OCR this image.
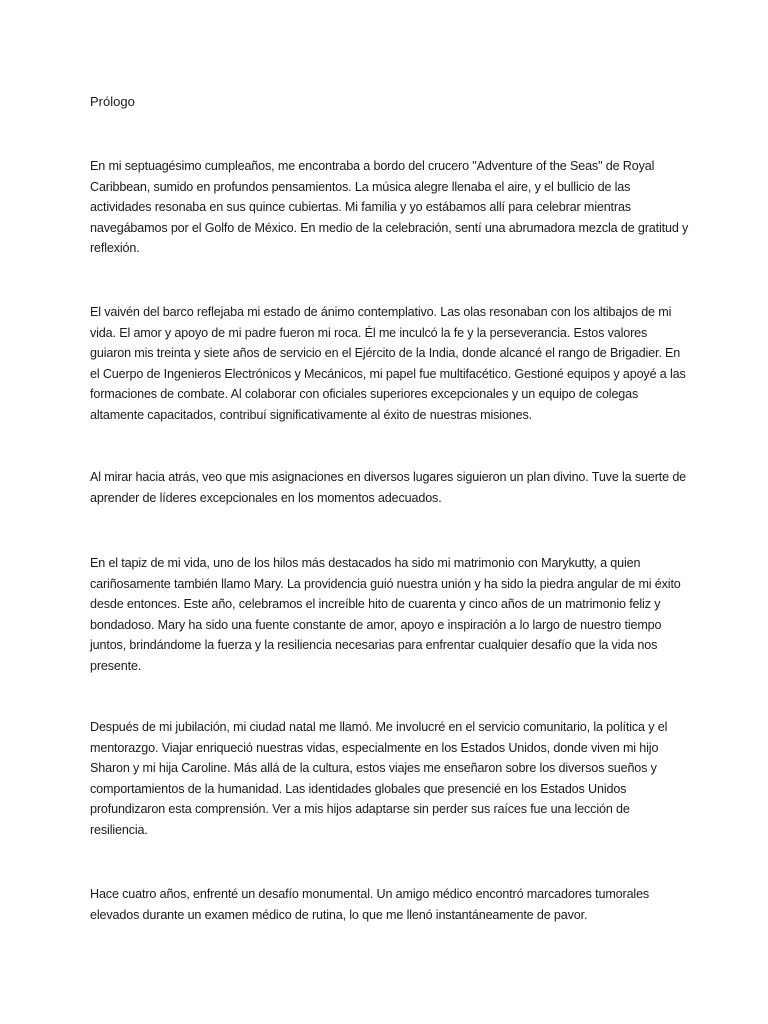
Prólogo

En mi septuagésimo cumpleaños, me encontraba a bordo del crucero "Adventure of the Seas" de Royal Caribbean, sumido en profundos pensamientos. La música alegre llenaba el aire, y el bullicio de las actividades resonaba en sus quince cubiertas. Mi familia y yo estábamos allí para celebrar mientras navegábamos por el Golfo de México. En medio de la celebración, sentí una abrumadora mezcla de gratitud y reflexión.

El vaivén del barco reflejaba mi estado de ánimo contemplativo. Las olas resonaban con los altibajos de mi vida. El amor y apoyo de mi padre fueron mi roca. Él me inculcó la fe y la perseverancia. Estos valores guiaron mis treinta y siete años de servicio en el Ejército de la India, donde alcancé el rango de Brigadier. En el Cuerpo de Ingenieros Electrónicos y Mecánicos, mi papel fue multifacético. Gestioné equipos y apoyé a las formaciones de combate. Al colaborar con oficiales superiores excepcionales y un equipo de colegas altamente capacitados, contribuí significativamente al éxito de nuestras misiones.

Al mirar hacia atrás, veo que mis asignaciones en diversos lugares siguieron un plan divino. Tuve la suerte de aprender de líderes excepcionales en los momentos adecuados.

En el tapiz de mi vida, uno de los hilos más destacados ha sido mi matrimonio con Marykutty, a quien cariñosamente también llamo Mary. La providencia guió nuestra unión y ha sido la piedra angular de mi éxito desde entonces. Este año, celebramos el increíble hito de cuarenta y cinco años de un matrimonio feliz y bondadoso. Mary ha sido una fuente constante de amor, apoyo e inspiración a lo largo de nuestro tiempo juntos, brindándome la fuerza y la resiliencia necesarias para enfrentar cualquier desafío que la vida nos presente.

Después de mi jubilación, mi ciudad natal me llamó. Me involucré en el servicio comunitario, la política y el mentorazgo. Viajar enriqueció nuestras vidas, especialmente en los Estados Unidos, donde viven mi hijo Sharon y mi hija Caroline. Más allá de la cultura, estos viajes me enseñaron sobre los diversos sueños y comportamientos de la humanidad. Las identidades globales que presencié en los Estados Unidos profundizaron esta comprensión. Ver a mis hijos adaptarse sin perder sus raíces fue una lección de resiliencia.

Hace cuatro años, enfrenté un desafío monumental. Un amigo médico encontró marcadores tumorales elevados durante un examen médico de rutina, lo que me llenó instantáneamente de pavor.
